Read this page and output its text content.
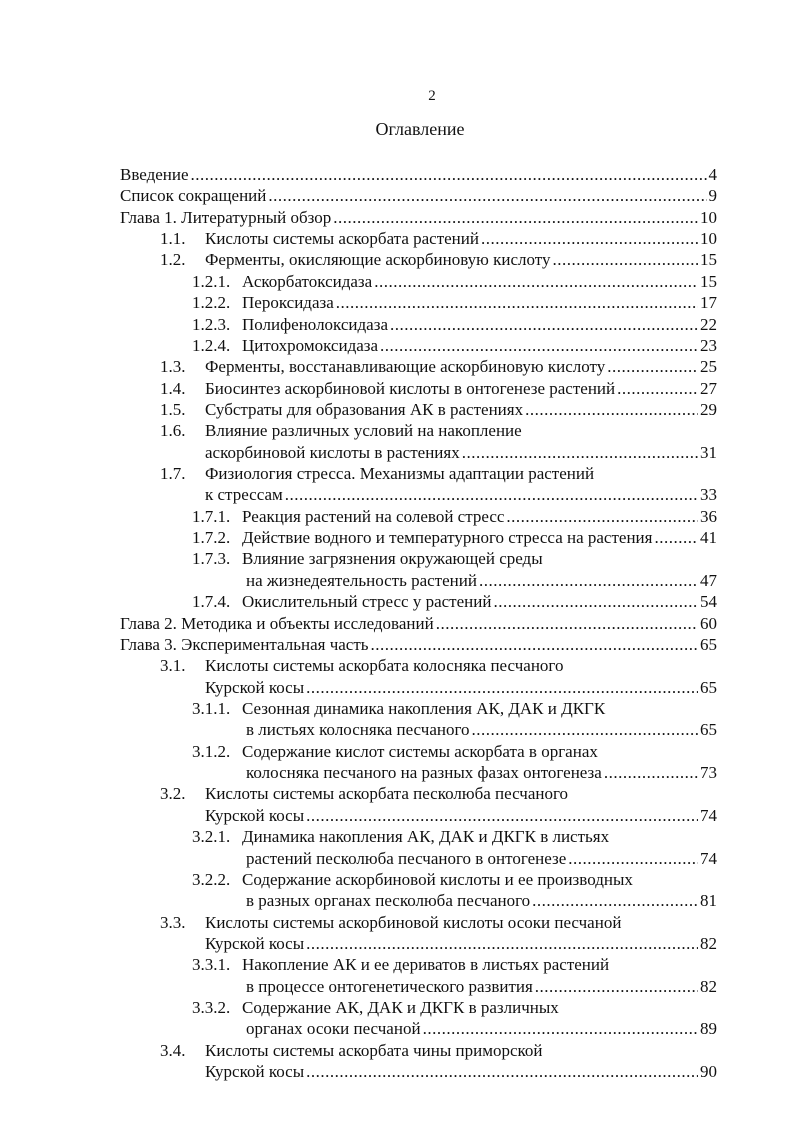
2
Оглавление
Введение .....	4
Список сокращений .....	9
Глава 1. Литературный обзор .....	10
1.1. Кислоты системы аскорбата растений .....	10
1.2. Ферменты, окисляющие аскорбиновую кислоту .....	15
1.2.1. Аскорбатоксидаза .....	15
1.2.2. Пероксидаза .....	17
1.2.3. Полифенолоксидаза .....	22
1.2.4. Цитохромоксидаза .....	23
1.3. Ферменты, восстанавливающие аскорбиновую кислоту .....	25
1.4. Биосинтез аскорбиновой кислоты в онтогенезе растений .....	27
1.5. Субстраты для образования АК в растениях .....	29
1.6. Влияние различных условий на накопление
аскорбиновой кислоты в растениях .....	31
1.7. Физиология стресса. Механизмы адаптации растений
к стрессам .....	33
1.7.1. Реакция растений на солевой стресс .....	36
1.7.2. Действие водного и температурного стресса на растения .....	41
1.7.3. Влияние загрязнения окружающей среды
на жизнедеятельность растений .....	47
1.7.4. Окислительный стресс у растений .....	54
Глава 2. Методика и объекты исследований .....	60
Глава 3. Экспериментальная часть .....	65
3.1. Кислоты системы аскорбата колосняка песчаного
Курской косы .....	65
3.1.1. Сезонная динамика накопления АК, ДАК и ДКГК
в листьях колосняка песчаного .....	65
3.1.2. Содержание кислот системы аскорбата в органах
колосняка песчаного на разных фазах онтогенеза .....	73
3.2. Кислоты системы аскорбата песколюба песчаного
Курской косы .....	74
3.2.1. Динамика накопления АК, ДАК и ДКГК в листьях
растений песколюба песчаного в онтогенезе .....	74
3.2.2. Содержание аскорбиновой кислоты и ее производных
в разных органах песколюба песчаного .....	81
3.3. Кислоты системы аскорбиновой кислоты осоки песчаной
Курской косы .....	82
3.3.1. Накопление АК и ее дериватов в листьях растений
в процессе онтогенетического развития .....	82
3.3.2. Содержание АК, ДАК и ДКГК в различных
органах осоки песчаной .....	89
3.4. Кислоты системы аскорбата чины приморской
Курской косы .....	90
